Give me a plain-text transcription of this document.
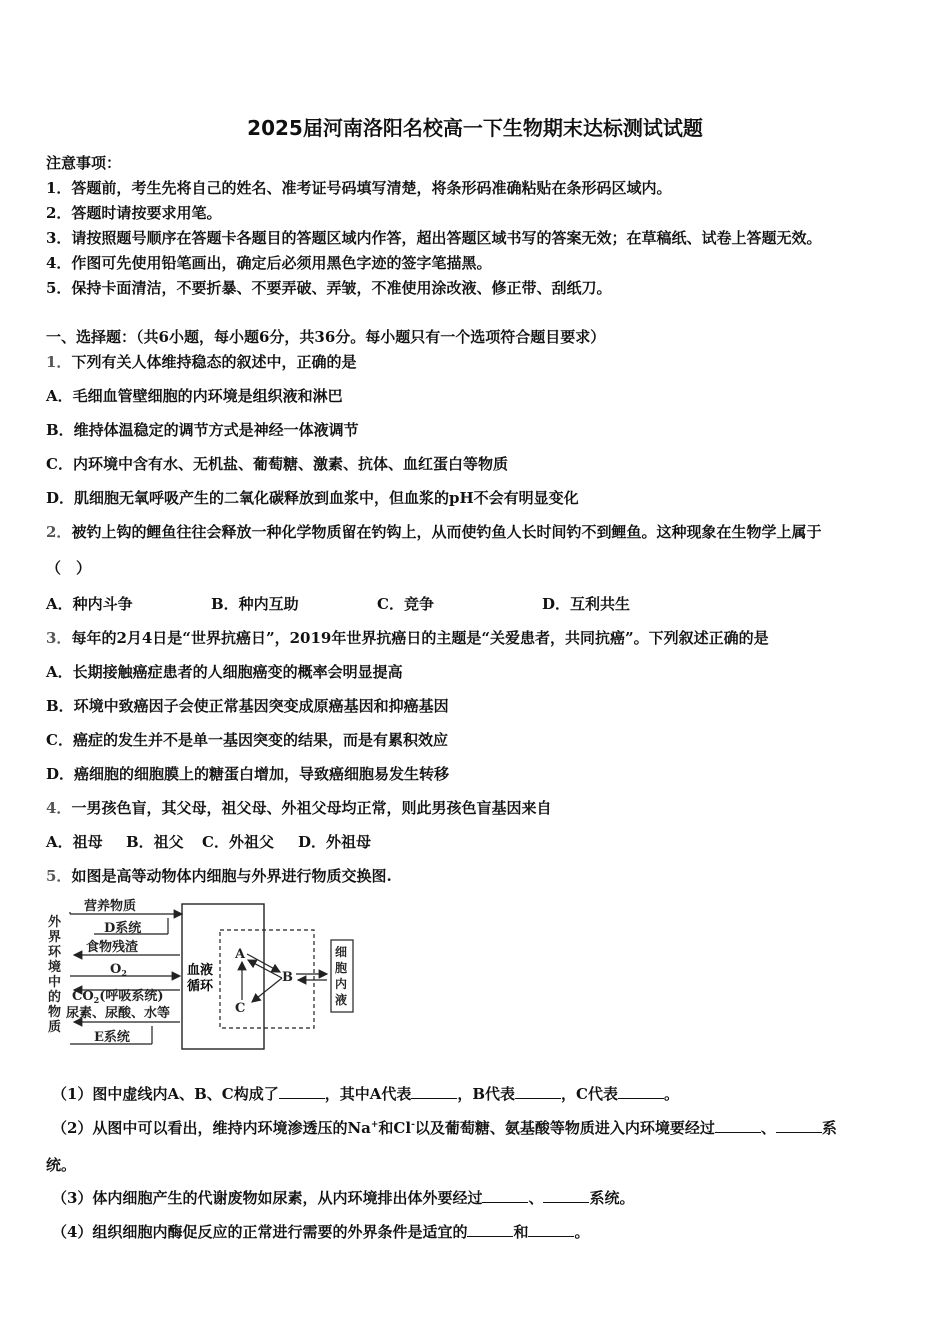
2025届河南洛阳名校高一下生物期末达标测试试题
注意事项：
1．答题前，考生先将自己的姓名、准考证号码填写清楚，将条形码准确粘贴在条形码区域内。
2．答题时请按要求用笔。
3．请按照题号顺序在答题卡各题目的答题区域内作答，超出答题区域书写的答案无效；在草稿纸、试卷上答题无效。
4．作图可先使用铅笔画出，确定后必须用黑色字迹的签字笔描黑。
5．保持卡面清洁，不要折暴、不要弄破、弄皱，不准使用涂改液、修正带、刮纸刀。
一、选择题：（共6小题，每小题6分，共36分。每小题只有一个选项符合题目要求）
1．下列有关人体维持稳态的叙述中，正确的是
A．毛细血管壁细胞的内环境是组织液和淋巴
B．维持体温稳定的调节方式是神经一体液调节
C．内环境中含有水、无机盐、葡萄糖、激素、抗体、血红蛋白等物质
D．肌细胞无氧呼吸产生的二氧化碳释放到血浆中，但血浆的pH不会有明显变化
2．被钓上钩的鲤鱼往往会释放一种化学物质留在钓钩上，从而使钓鱼人长时间钓不到鲤鱼。这种现象在生物学上属于
（　）
A．种内斗争	B．种内互助	C．竞争	D．互利共生
3．每年的2月4日是“世界抗癌日”，2019年世界抗癌日的主题是“关爱患者，共同抗癌”。下列叙述正确的是
A．长期接触癌症患者的人细胞癌变的概率会明显提高
B．环境中致癌因子会使正常基因突变成原癌基因和抑癌基因
C．癌症的发生并不是单一基因突变的结果，而是有累积效应
D．癌细胞的细胞膜上的糖蛋白增加，导致癌细胞易发生转移
4．一男孩色盲，其父母，祖父母、外祖父母均正常，则此男孩色盲基因来自
A．祖母 B．祖父 C．外祖父 D．外祖母
5．如图是高等动物体内细胞与外界进行物质交换图.
外
界
环
境
中
的
物
质
血液
循环
营养物质
D系统
食物残渣
$O_2$
$CO_2$(呼吸系统)
尿素、尿酸、水等
E系统
A
B
C
细
胞
内
液
（1）图中虚线内A、B、C构成了	，其中A代表	，B代表	，C代表	。
（2）从图中可以看出，维持内环境渗透压的Na+和Cl-以及葡萄糖、氨基酸等物质进入内环境要经过	、	系
统。
（3）体内细胞产生的代谢废物如尿素，从内环境排出体外要经过	、	系统。
（4）组织细胞内酶促反应的正常进行需要的外界条件是适宜的	和	。
